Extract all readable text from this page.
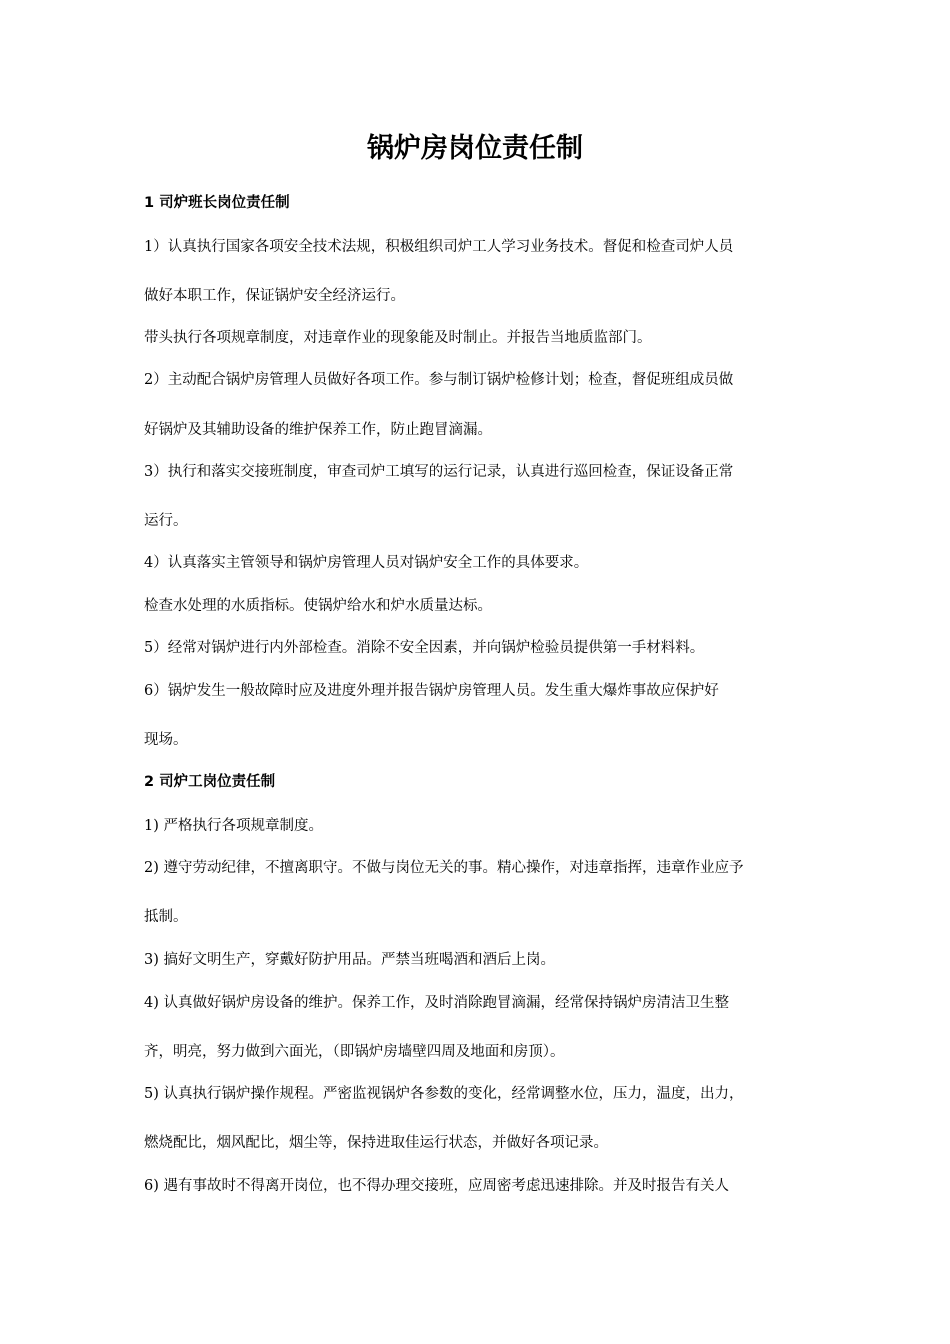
锅炉房岗位责任制

1 司炉班长岗位责任制

1）认真执行国家各项安全技术法规，积极组织司炉工人学习业务技术。督促和检查司炉人员

做好本职工作，保证锅炉安全经济运行。

带头执行各项规章制度，对违章作业的现象能及时制止。并报告当地质监部门。

2）主动配合锅炉房管理人员做好各项工作。参与制订锅炉检修计划；检查，督促班组成员做

好锅炉及其辅助设备的维护保养工作，防止跑冒滴漏。

3）执行和落实交接班制度，审查司炉工填写的运行记录，认真进行巡回检查，保证设备正常

运行。

4）认真落实主管领导和锅炉房管理人员对锅炉安全工作的具体要求。

检查水处理的水质指标。使锅炉给水和炉水质量达标。

5）经常对锅炉进行内外部检查。消除不安全因素，并向锅炉检验员提供第一手材料料。

6）锅炉发生一般故障时应及进度外理并报告锅炉房管理人员。发生重大爆炸事故应保护好

现场。

2 司炉工岗位责任制

1) 严格执行各项规章制度。

2) 遵守劳动纪律，不擅离职守。不做与岗位无关的事。精心操作，对违章指挥，违章作业应予

抵制。

3) 搞好文明生产，穿戴好防护用品。严禁当班喝酒和酒后上岗。

4) 认真做好锅炉房设备的维护。保养工作，及时消除跑冒滴漏，经常保持锅炉房清洁卫生整

齐，明亮，努力做到六面光，（即锅炉房墙壁四周及地面和房顶）。

5) 认真执行锅炉操作规程。严密监视锅炉各参数的变化，经常调整水位，压力，温度，出力，

燃烧配比，烟风配比，烟尘等，保持进取佳运行状态，并做好各项记录。

6) 遇有事故时不得离开岗位，也不得办理交接班，应周密考虑迅速排除。并及时报告有关人
